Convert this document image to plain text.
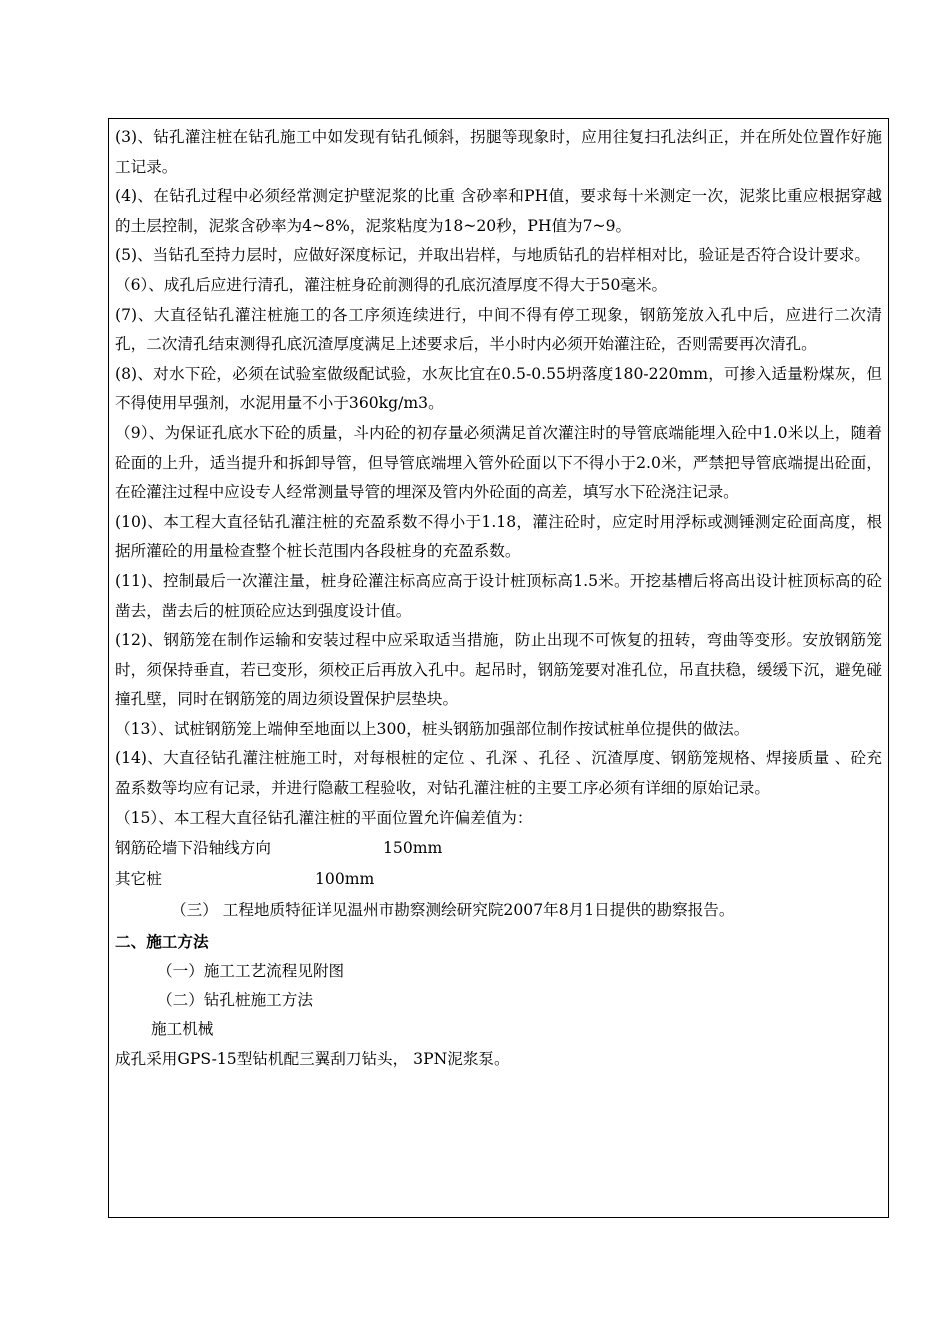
(3)、钻孔灌注桩在钻孔施工中如发现有钻孔倾斜，拐腿等现象时，应用往复扫孔法纠正，并在所处位置作好施工记录。

(4)、在钻孔过程中必须经常测定护壁泥浆的比重 含砂率和PH值，要求每十米测定一次，泥浆比重应根据穿越的土层控制，泥浆含砂率为4~8%，泥浆粘度为18~20秒，PH值为7~9。

(5)、当钻孔至持力层时，应做好深度标记，并取出岩样，与地质钻孔的岩样相对比，验证是否符合设计要求。

（6）、成孔后应进行清孔，灌注桩身砼前测得的孔底沉渣厚度不得大于50毫米。

(7)、大直径钻孔灌注桩施工的各工序须连续进行，中间不得有停工现象，钢筋笼放入孔中后，应进行二次清孔，二次清孔结束测得孔底沉渣厚度满足上述要求后，半小时内必须开始灌注砼，否则需要再次清孔。

(8)、对水下砼，必须在试验室做级配试验，水灰比宜在0.5-0.55坍落度180-220mm，可掺入适量粉煤灰，但不得使用早强剂，水泥用量不小于360kg/m3。

（9）、为保证孔底水下砼的质量，斗内砼的初存量必须满足首次灌注时的导管底端能埋入砼中1.0米以上，随着砼面的上升，适当提升和拆卸导管，但导管底端埋入管外砼面以下不得小于2.0米，严禁把导管底端提出砼面，在砼灌注过程中应设专人经常测量导管的埋深及管内外砼面的高差，填写水下砼浇注记录。

(10)、本工程大直径钻孔灌注桩的充盈系数不得小于1.18，灌注砼时，应定时用浮标或测锤测定砼面高度，根据所灌砼的用量检查整个桩长范围内各段桩身的充盈系数。

(11)、控制最后一次灌注量，桩身砼灌注标高应高于设计桩顶标高1.5米。开挖基槽后将高出设计桩顶标高的砼凿去，凿去后的桩顶砼应达到强度设计值。

(12)、钢筋笼在制作运输和安装过程中应采取适当措施，防止出现不可恢复的扭转，弯曲等变形。安放钢筋笼时，须保持垂直，若已变形，须校正后再放入孔中。起吊时，钢筋笼要对准孔位，吊直扶稳，缓缓下沉，避免碰撞孔壁，同时在钢筋笼的周边须设置保护层垫块。

（13）、试桩钢筋笼上端伸至地面以上300，桩头钢筋加强部位制作按试桩单位提供的做法。

(14)、大直径钻孔灌注桩施工时，对每根桩的定位 、孔深 、孔径 、沉渣厚度、钢筋笼规格、焊接质量 、砼充盈系数等均应有记录，并进行隐蔽工程验收，对钻孔灌注桩的主要工序必须有详细的原始记录。

（15）、本工程大直径钻孔灌注桩的平面位置允许偏差值为：

钢筋砼墙下沿轴线方向	150mm
其它桩	100mm

（三） 工程地质特征详见温州市勘察测绘研究院2007年8月1日提供的勘察报告。

二、施工方法

（一）施工工艺流程见附图

（二）钻孔桩施工方法

施工机械

成孔采用GPS-15型钻机配三翼刮刀钻头， 3PN泥浆泵。
